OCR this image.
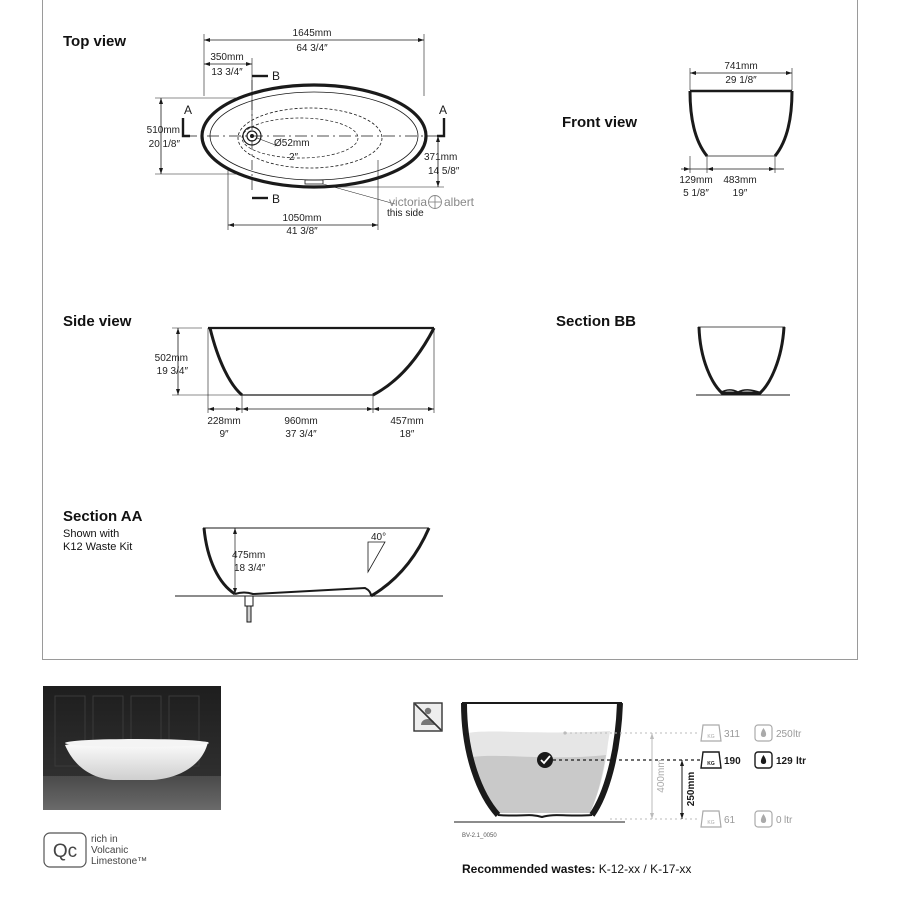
Top view
Front view
Side view	Section BB
Section AA
Shown with
K12 Waste Kit
1645mm
64 3/4″
350mm
13 3/4″
510mm
20 1/8″	Ø52mm
2″	371mm
14 5/8″
1050mm
41 3/8″
A	A
B
B	victoria albert
this side
741mm
29 1/8″
129mm
5 1/8″
483mm
19″
502mm
19 3/4″
228mm
9″
960mm
37 3/4″
457mm
18″
475mm
18 3/4″
40°
Qc
rich in
Volcanic
Limestone™
400mm 250mm
KG 311	250 ltr
KG 190	129 ltr
KG 61	0 ltr
BV-2.1_0050
Recommended wastes: K-12-xx / K-17-xx
